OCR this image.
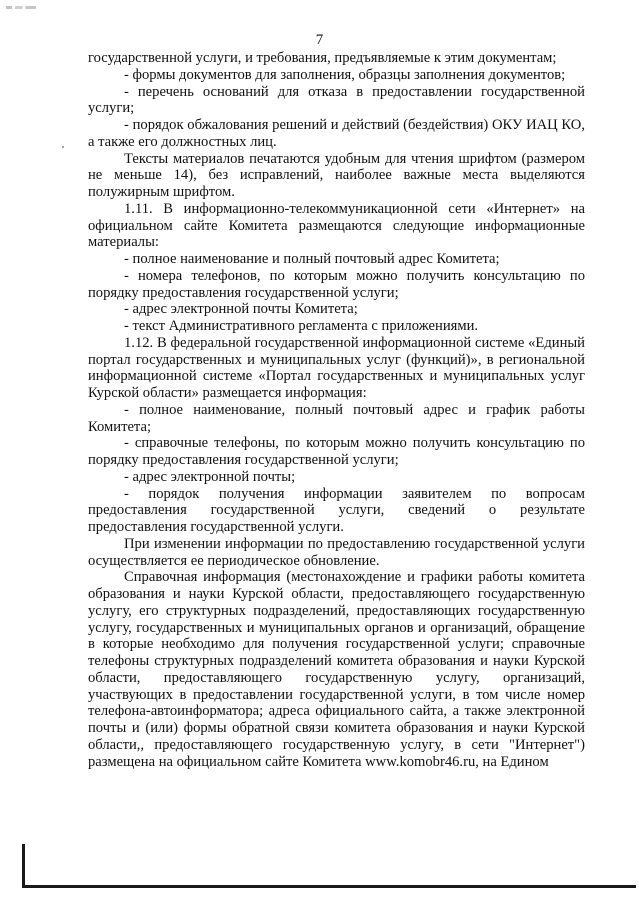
7

государственной услуги, и требования, предъявляемые к этим документам;

- формы документов для заполнения, образцы заполнения документов;

- перечень оснований для отказа в предоставлении государственной услуги;

- порядок обжалования решений и действий (бездействия) ОКУ ИАЦ КО, а также его должностных лиц.

Тексты материалов печатаются удобным для чтения шрифтом (размером не меньше 14), без исправлений, наиболее важные места выделяются полужирным шрифтом.

1.11. В информационно-телекоммуникационной сети «Интернет» на официальном сайте Комитета размещаются следующие информационные материалы:

- полное наименование и полный почтовый адрес Комитета;

- номера телефонов, по которым можно получить консультацию по порядку предоставления государственной услуги;

- адрес электронной почты Комитета;

- текст Административного регламента с приложениями.

1.12. В федеральной государственной информационной системе «Единый портал государственных и муниципальных услуг (функций)», в региональной информационной системе «Портал государственных и муниципальных услуг Курской области» размещается информация:

- полное наименование, полный почтовый адрес и график работы Комитета;

- справочные телефоны, по которым можно получить консультацию по порядку предоставления государственной услуги;

- адрес электронной почты;

- порядок получения информации заявителем по вопросам предоставления государственной услуги, сведений о результате предоставления государственной услуги.

При изменении информации по предоставлению государственной услуги осуществляется ее периодическое обновление.

Справочная информация (местонахождение и графики работы комитета образования и науки Курской области, предоставляющего государственную услугу, его структурных подразделений, предоставляющих государственную услугу, государственных и муниципальных органов и организаций, обращение в которые необходимо для получения государственной услуги; справочные телефоны структурных подразделений комитета образования и науки Курской области, предоставляющего государственную услугу, организаций, участвующих в предоставлении государственной услуги, в том числе номер телефона-автоинформатора; адреса официального сайта, а также электронной почты и (или) формы обратной связи комитета образования и науки Курской области,, предоставляющего государственную услугу, в сети "Интернет") размещена на официальном сайте Комитета www.komobr46.ru, на Едином
